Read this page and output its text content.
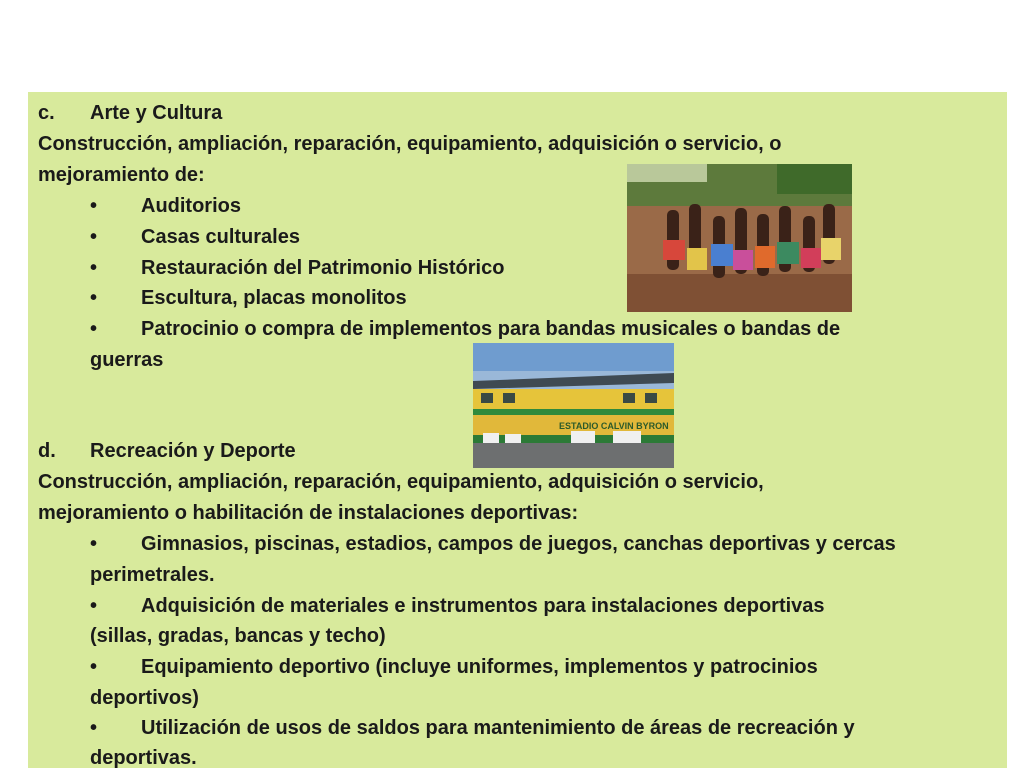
c. Arte y Cultura
Construcción, ampliación, reparación, equipamiento, adquisición o servicio, o
mejoramiento de:
• Auditorios
• Casas culturales
• Restauración del Patrimonio Histórico
• Escultura, placas monolitos
• Patrocinio o compra de implementos para bandas musicales o bandas de
guerras
d. Recreación y Deporte
Construcción, ampliación, reparación, equipamiento, adquisición o servicio,
mejoramiento o habilitación de instalaciones deportivas:
• Gimnasios, piscinas, estadios, campos de juegos, canchas deportivas y cercas
perimetrales.
• Adquisición de materiales e instrumentos para instalaciones deportivas
(sillas, gradas, bancas y techo)
• Equipamiento deportivo (incluye uniformes, implementos y patrocinios
deportivos)
• Utilización de usos de saldos para mantenimiento de áreas de recreación y
deportivas.
ESTADIO CALVIN BYRON
